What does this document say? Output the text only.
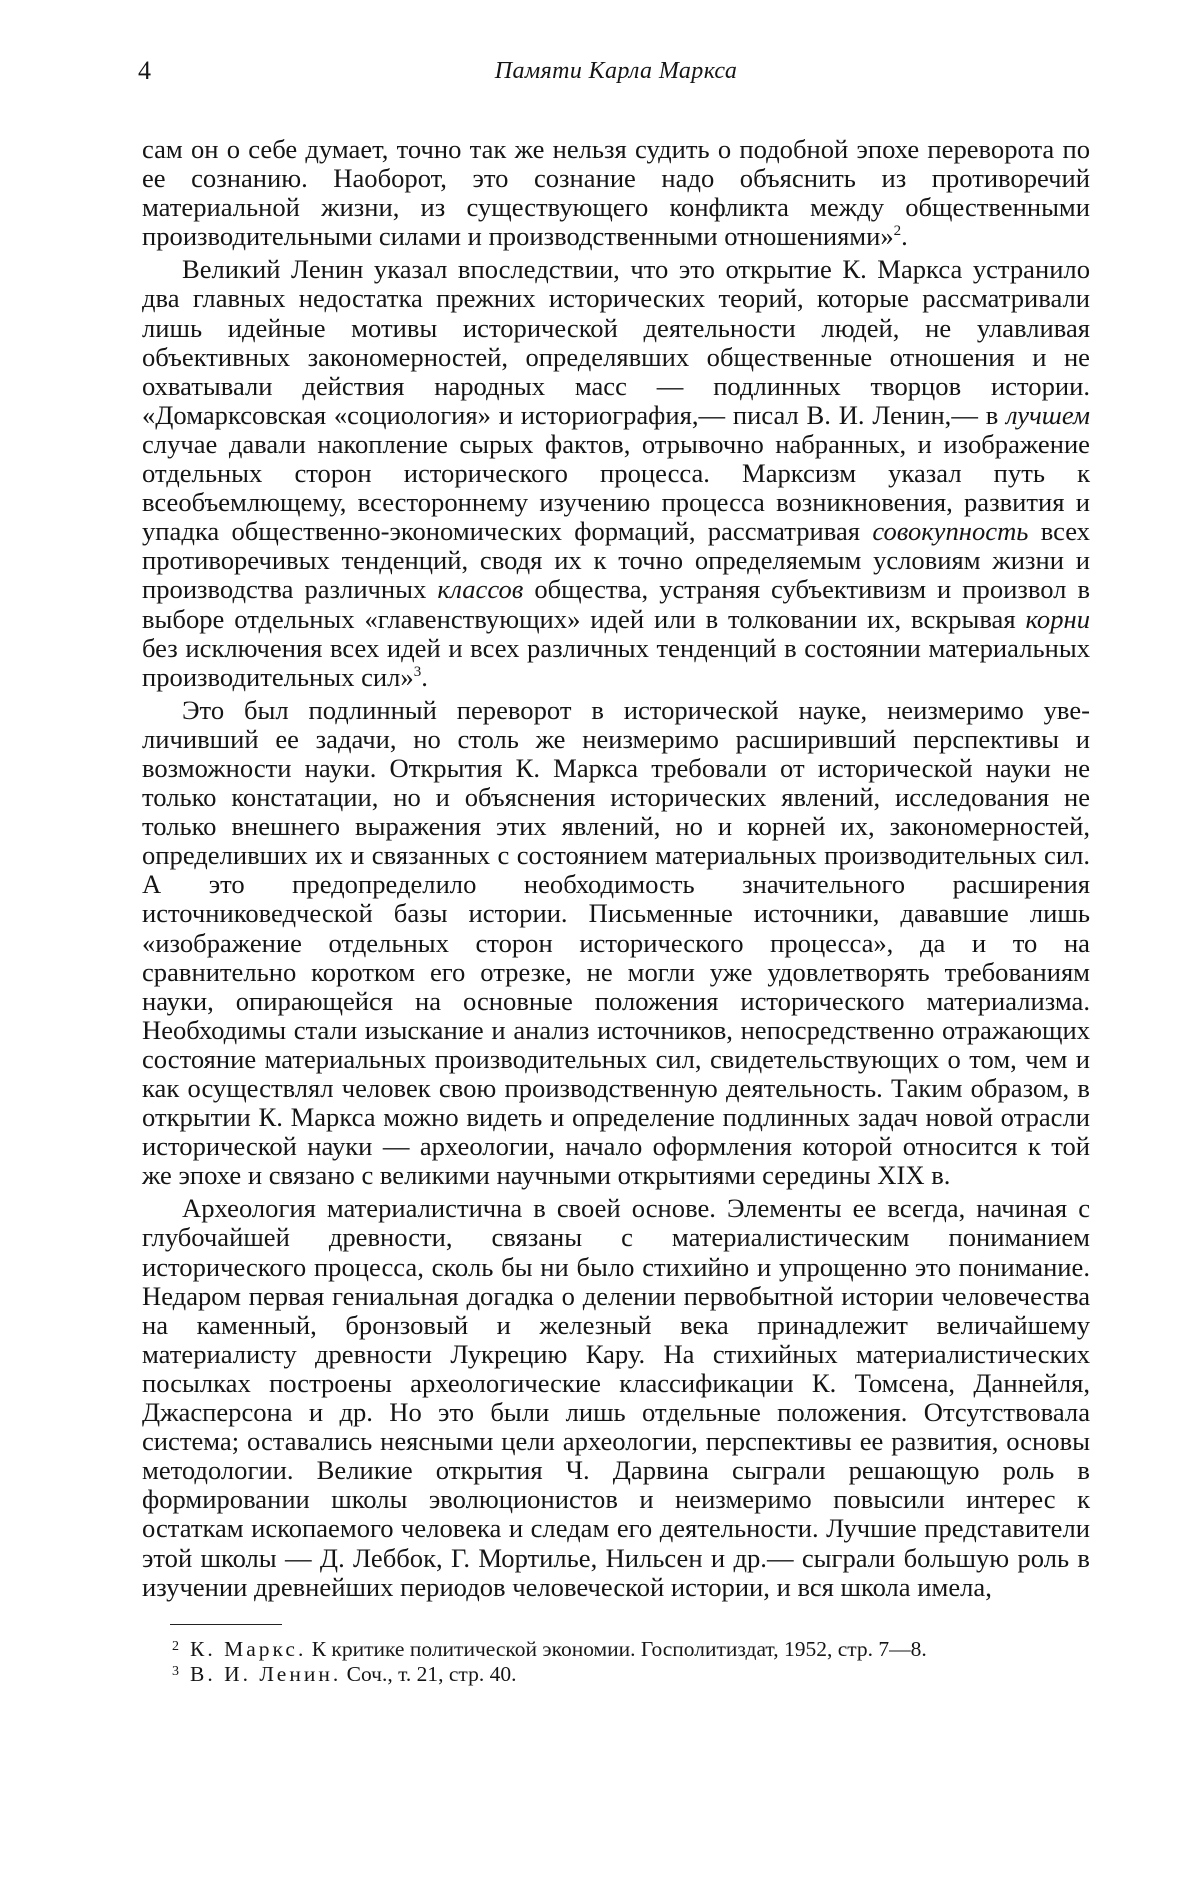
4	Памяти Карла Маркса

сам он о себе думает, точно так же нельзя судить о подобной эпохе переворота по ее сознанию. Наоборот, это сознание надо объяснить из противоречий материальной жизни, из существующего конфликта между общественными производительными силами и производственными отношениями»$^2$.

Великий Ленин указал впоследствии, что это открытие К. Маркса устранило два главных недостатка прежних исторических теорий, которые рассматривали лишь идейные мотивы исторической деятельности людей, не улавливая объективных закономерностей, определявших общественные отношения и не охватывали действия народных масс — подлинных творцов истории. «Домарксовская «социология» и историография,— писал В. И. Ленин,— в лучшем случае давали накопление сырых фактов, отрывочно набранных, и изображение отдельных сторон исторического процесса. Марксизм указал путь к всеобъемлющему, всестороннему изучению процесса возникновения, развития и упадка общественно-экономических формаций, рассматривая совокупность всех противоречивых тенденций, сводя их к точно определяемым условиям жизни и производства различных классов общества, устраняя субъективизм и произвол в выборе отдельных «главенствующих» идей или в толковании их, вскрывая корни без исключения всех идей и всех различных тенденций в состоянии материальных производительных сил»$^3$.

Это был подлинный переворот в исторической науке, неизмеримо увеличивший ее задачи, но столь же неизмеримо расширивший перспективы и возможности науки. Открытия К. Маркса требовали от исторической науки не только констатации, но и объяснения исторических явлений, исследования не только внешнего выражения этих явлений, но и корней их, закономерностей, определивших их и связанных с состоянием материальных производительных сил. А это предопределило необходимость значительного расширения источниковедческой базы истории. Письменные источники, дававшие лишь «изображение отдельных сторон исторического процесса», да и то на сравнительно коротком его отрезке, не могли уже удовлетворять требованиям науки, опирающейся на основные положения исторического материализма. Необходимы стали изыскание и анализ источников, непосредственно отражающих состояние материальных производительных сил, свидетельствующих о том, чем и как осуществлял человек свою производственную деятельность. Таким образом, в открытии К. Маркса можно видеть и определение подлинных задач новой отрасли исторической науки — археологии, начало оформления которой относится к той же эпохе и связано с великими научными открытиями середины XIX в.

Археология материалистична в своей основе. Элементы ее всегда, начиная с глубочайшей древности, связаны с материалистическим пониманием исторического процесса, сколь бы ни было стихийно и упрощенно это понимание. Недаром первая гениальная догадка о делении первобытной истории человечества на каменный, бронзовый и железный века принадлежит величайшему материалисту древности Лукрецию Кару. На стихийных материалистических посылках построены археологические классификации К. Томсена, Даннейля, Джасперсона и др. Но это были лишь отдельные положения. Отсутствовала система; оставались неясными цели археологии, перспективы ее развития, основы методологии. Великие открытия Ч. Дарвина сыграли решающую роль в формировании школы эволюционистов и неизмеримо повысили интерес к остаткам ископаемого человека и следам его деятельности. Лучшие представители этой школы — Д. Леббок, Г. Мортилье, Нильсен и др.— сыграли большую роль в изучении древнейших периодов человеческой истории, и вся школа имела,

2 К. Маркс. К критике политической экономии. Госполитиздат, 1952, стр. 7—8.
3 В. И. Ленин. Соч., т. 21, стр. 40.
